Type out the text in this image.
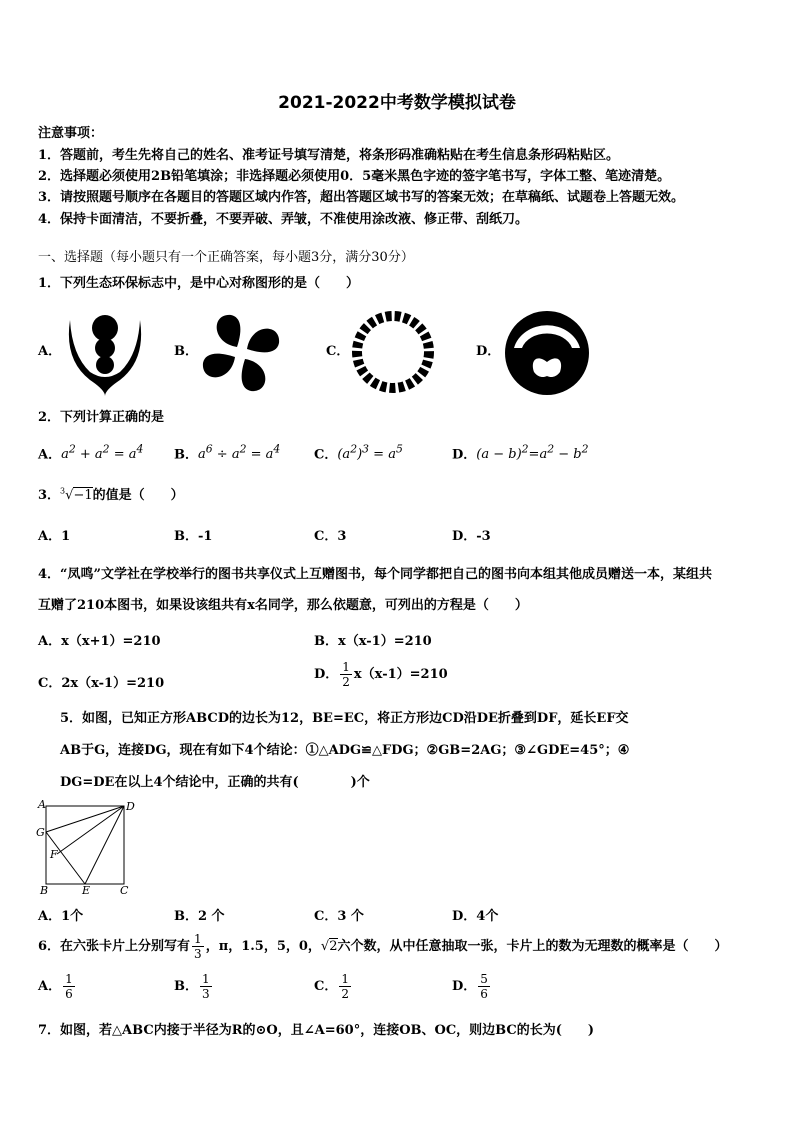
2021-2022中考数学模拟试卷
注意事项：
1．答题前，考生先将自己的姓名、准考证号填写清楚，将条形码准确粘贴在考生信息条形码粘贴区。
2．选择题必须使用2B铅笔填涂；非选择题必须使用0．5毫米黑色字迹的签字笔书写，字体工整、笔迹清楚。
3．请按照题号顺序在各题目的答题区域内作答，超出答题区域书写的答案无效；在草稿纸、试题卷上答题无效。
4．保持卡面清洁，不要折叠，不要弄破、弄皱，不准使用涂改液、修正带、刮纸刀。
一、选择题（每小题只有一个正确答案，每小题3分，满分30分）
1．下列生态环保标志中，是中心对称图形的是（　　）
A．	B．	C．	D．
2．下列计算正确的是
A．$a^2 + a^2 = a^4$ B．$a^6 \div a^2 = a^4$	C．$(a^2)^3 = a^5$	D．$(a - b)^2=a^2 - b^2$
3．$^3$√−1的值是（　　）
A．1	B．-1	C．3	D．-3
4．“凤鸣”文学社在学校举行的图书共享仪式上互赠图书，每个同学都把自己的图书向本组其他成员赠送一本，某组共
互赠了210本图书，如果设该组共有x名同学，那么依题意，可列出的方程是（　　）
A．x（x+1）=210	B．x（x-1）=210
C．2x（x-1）=210
D． $\frac{1}{2} x(x-1)=210$
5．如图，已知正方形ABCD的边长为12，BE=EC，将正方形边CD沿DE折叠到DF，延长EF交
AB于G，连接DG，现在有如下4个结论：①△ADG≌△FDG；②GB=2AG；③∠GDE=45°；④
DG=DE在以上4个结论中，正确的共有(　　　　)个
A	D
G
F
B	E	C
A．1个	B．2 个	C．3 个	D．4个
6．在六张卡片上分别写有 $\frac{1}{3}$ ，π，1.5，5，0，√2六个数，从中任意抽取一张，卡片上的数为无理数的概率是（　　）
A． $\frac{1}{6}$	B． $\frac{1}{3}$	C． $\frac{1}{2}$	D． $\frac{5}{6}$
7．如图，若△ABC内接于半径为R的⊙O，且∠A=60°，连接OB、OC，则边BC的长为(　　)
